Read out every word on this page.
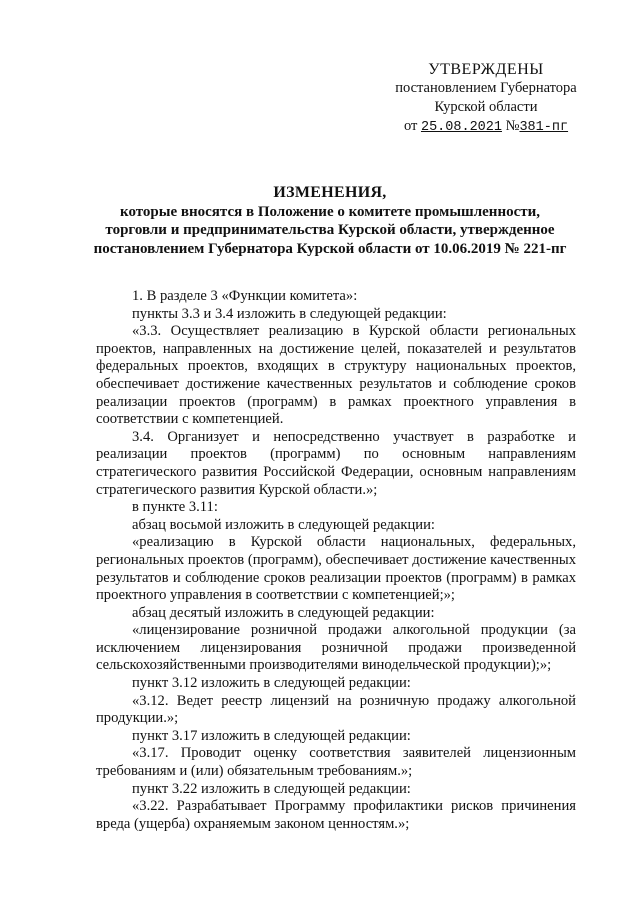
УТВЕРЖДЕНЫ
постановлением Губернатора
Курской области
от 25.08.2021 №381-пг
ИЗМЕНЕНИЯ,
которые вносятся в Положение о комитете промышленности,
торговли и предпринимательства Курской области, утвержденное
постановлением Губернатора Курской области от 10.06.2019 № 221-пг

1. В разделе 3 «Функции комитета»:

пункты 3.3 и 3.4 изложить в следующей редакции:

«3.3. Осуществляет реализацию в Курской области региональных проектов, направленных на достижение целей, показателей и результатов федеральных проектов, входящих в структуру национальных проектов, обеспечивает достижение качественных результатов и соблюдение сроков реализации проектов (программ) в рамках проектного управления в соответствии с компетенцией.

3.4. Организует и непосредственно участвует в разработке и реализации проектов (программ) по основным направлениям стратегического развития Российской Федерации, основным направлениям стратегического развития Курской области.»;

в пункте 3.11:

абзац восьмой изложить в следующей редакции:

«реализацию в Курской области национальных, федеральных, региональных проектов (программ), обеспечивает достижение качественных результатов и соблюдение сроков реализации проектов (программ) в рамках проектного управления в соответствии с компетенцией;»;

абзац десятый изложить в следующей редакции:

«лицензирование розничной продажи алкогольной продукции (за исключением лицензирования розничной продажи произведенной сельскохозяйственными производителями винодельческой продукции);»;

пункт 3.12 изложить в следующей редакции:

«3.12. Ведет реестр лицензий на розничную продажу алкогольной продукции.»;

пункт 3.17 изложить в следующей редакции:

«3.17. Проводит оценку соответствия заявителей лицензионным требованиям и (или) обязательным требованиям.»;

пункт 3.22 изложить в следующей редакции:

«3.22. Разрабатывает Программу профилактики рисков причинения вреда (ущерба) охраняемым законом ценностям.»;
